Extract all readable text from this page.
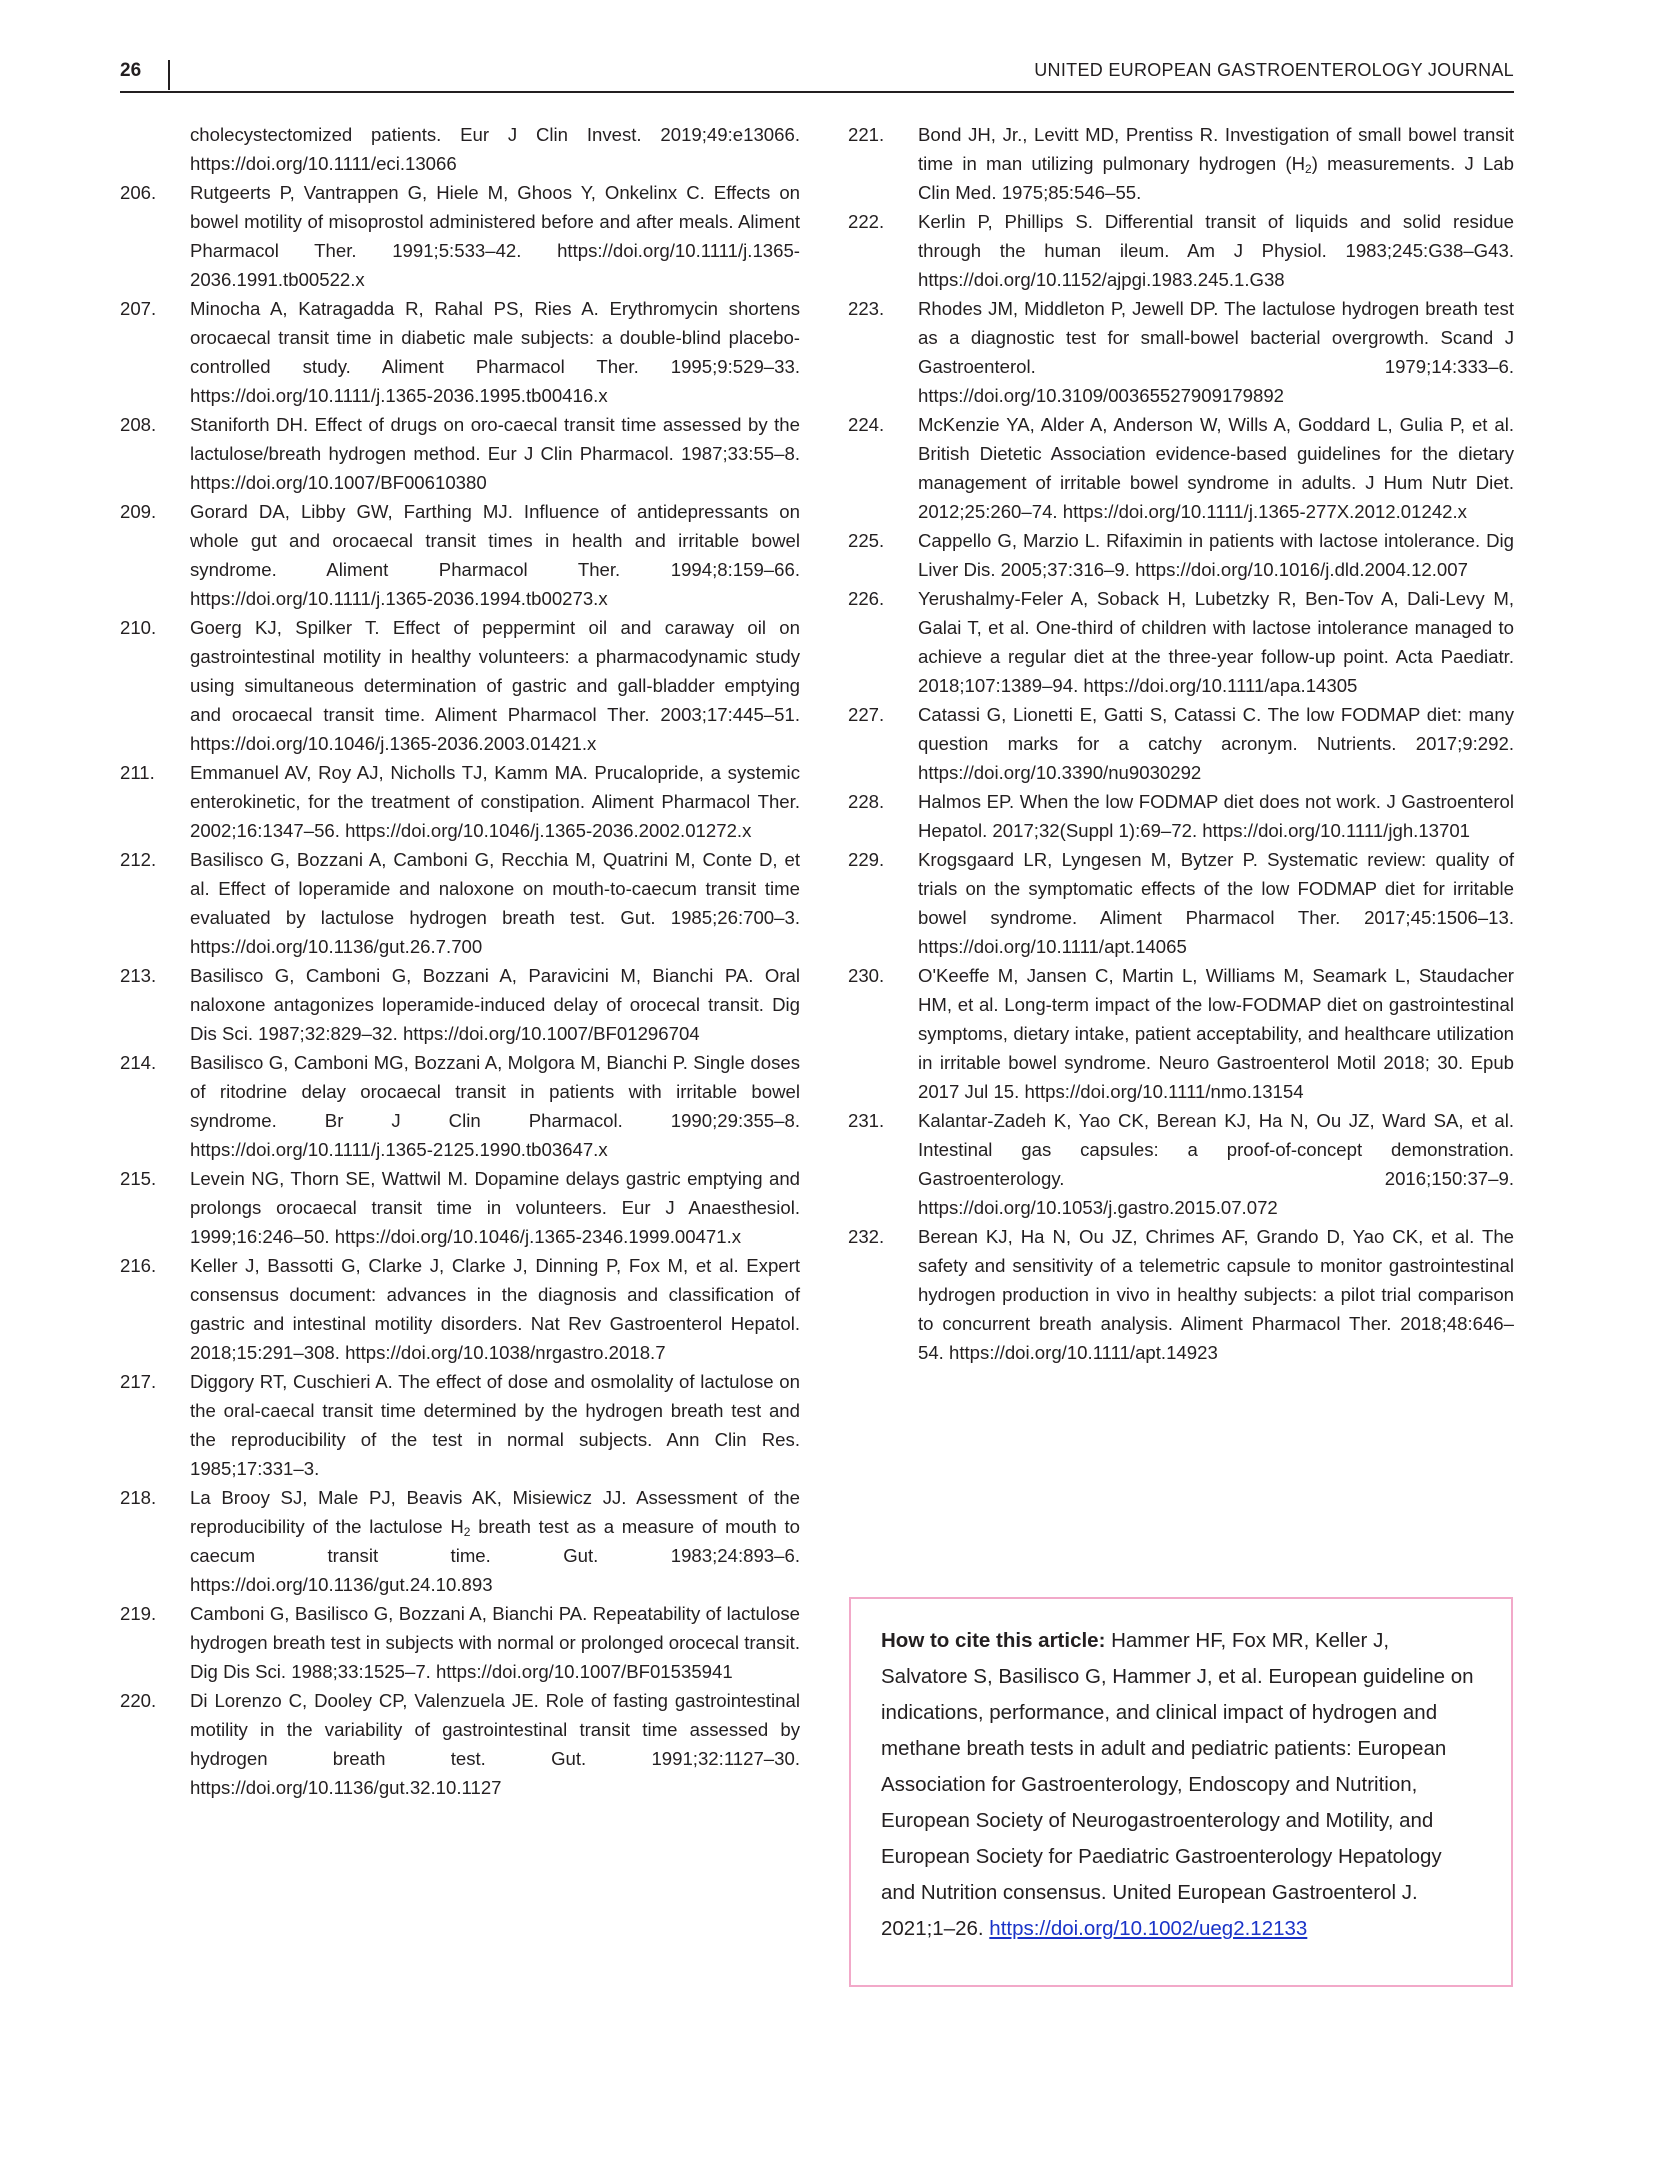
26	UNITED EUROPEAN GASTROENTEROLOGY JOURNAL
cholecystectomized patients. Eur J Clin Invest. 2019;49:e13066. https://doi.org/10.1111/eci.13066
206. Rutgeerts P, Vantrappen G, Hiele M, Ghoos Y, Onkelinx C. Effects on bowel motility of misoprostol administered before and after meals. Aliment Pharmacol Ther. 1991;5:533–42. https://doi.org/10.1111/j.1365-2036.1991.tb00522.x
207. Minocha A, Katragadda R, Rahal PS, Ries A. Erythromycin shortens orocaecal transit time in diabetic male subjects: a double-blind placebo-controlled study. Aliment Pharmacol Ther. 1995;9:529–33. https://doi.org/10.1111/j.1365-2036.1995.tb00416.x
208. Staniforth DH. Effect of drugs on oro-caecal transit time assessed by the lactulose/breath hydrogen method. Eur J Clin Pharmacol. 1987;33:55–8. https://doi.org/10.1007/BF00610380
209. Gorard DA, Libby GW, Farthing MJ. Influence of antidepressants on whole gut and orocaecal transit times in health and irritable bowel syndrome. Aliment Pharmacol Ther. 1994;8:159–66. https://doi.org/10.1111/j.1365-2036.1994.tb00273.x
210. Goerg KJ, Spilker T. Effect of peppermint oil and caraway oil on gastrointestinal motility in healthy volunteers: a pharmacodynamic study using simultaneous determination of gastric and gall-bladder emptying and orocaecal transit time. Aliment Pharmacol Ther. 2003;17:445–51. https://doi.org/10.1046/j.1365-2036.2003.01421.x
211. Emmanuel AV, Roy AJ, Nicholls TJ, Kamm MA. Prucalopride, a systemic enterokinetic, for the treatment of constipation. Aliment Pharmacol Ther. 2002;16:1347–56. https://doi.org/10.1046/j.1365-2036.2002.01272.x
212. Basilisco G, Bozzani A, Camboni G, Recchia M, Quatrini M, Conte D, et al. Effect of loperamide and naloxone on mouth-to-caecum transit time evaluated by lactulose hydrogen breath test. Gut. 1985;26:700–3. https://doi.org/10.1136/gut.26.7.700
213. Basilisco G, Camboni G, Bozzani A, Paravicini M, Bianchi PA. Oral naloxone antagonizes loperamide-induced delay of orocecal transit. Dig Dis Sci. 1987;32:829–32. https://doi.org/10.1007/BF01296704
214. Basilisco G, Camboni MG, Bozzani A, Molgora M, Bianchi P. Single doses of ritodrine delay orocaecal transit in patients with irritable bowel syndrome. Br J Clin Pharmacol. 1990;29:355–8. https://doi.org/10.1111/j.1365-2125.1990.tb03647.x
215. Levein NG, Thorn SE, Wattwil M. Dopamine delays gastric emptying and prolongs orocaecal transit time in volunteers. Eur J Anaesthesiol. 1999;16:246–50. https://doi.org/10.1046/j.1365-2346.1999.00471.x
216. Keller J, Bassotti G, Clarke J, Clarke J, Dinning P, Fox M, et al. Expert consensus document: advances in the diagnosis and classification of gastric and intestinal motility disorders. Nat Rev Gastroenterol Hepatol. 2018;15:291–308. https://doi.org/10.1038/nrgastro.2018.7
217. Diggory RT, Cuschieri A. The effect of dose and osmolality of lactulose on the oral-caecal transit time determined by the hydrogen breath test and the reproducibility of the test in normal subjects. Ann Clin Res. 1985;17:331–3.
218. La Brooy SJ, Male PJ, Beavis AK, Misiewicz JJ. Assessment of the reproducibility of the lactulose $H_2$ breath test as a measure of mouth to caecum transit time. Gut. 1983;24:893–6. https://doi.org/10.1136/gut.24.10.893
219. Camboni G, Basilisco G, Bozzani A, Bianchi PA. Repeatability of lactulose hydrogen breath test in subjects with normal or prolonged orocecal transit. Dig Dis Sci. 1988;33:1525–7. https://doi.org/10.1007/BF01535941
220. Di Lorenzo C, Dooley CP, Valenzuela JE. Role of fasting gastrointestinal motility in the variability of gastrointestinal transit time assessed by hydrogen breath test. Gut. 1991;32:1127–30. https://doi.org/10.1136/gut.32.10.1127
221. Bond JH, Jr., Levitt MD, Prentiss R. Investigation of small bowel transit time in man utilizing pulmonary hydrogen $(H_2)$ measurements. J Lab Clin Med. 1975;85:546–55.
222. Kerlin P, Phillips S. Differential transit of liquids and solid residue through the human ileum. Am J Physiol. 1983;245:G38–G43. https://doi.org/10.1152/ajpgi.1983.245.1.G38
223. Rhodes JM, Middleton P, Jewell DP. The lactulose hydrogen breath test as a diagnostic test for small-bowel bacterial overgrowth. Scand J Gastroenterol. 1979;14:333–6. https://doi.org/10.3109/00365527909179892
224. McKenzie YA, Alder A, Anderson W, Wills A, Goddard L, Gulia P, et al. British Dietetic Association evidence-based guidelines for the dietary management of irritable bowel syndrome in adults. J Hum Nutr Diet. 2012;25:260–74. https://doi.org/10.1111/j.1365-277X.2012.01242.x
225. Cappello G, Marzio L. Rifaximin in patients with lactose intolerance. Dig Liver Dis. 2005;37:316–9. https://doi.org/10.1016/j.dld.2004.12.007
226. Yerushalmy-Feler A, Soback H, Lubetzky R, Ben-Tov A, Dali-Levy M, Galai T, et al. One-third of children with lactose intolerance managed to achieve a regular diet at the three-year follow-up point. Acta Paediatr. 2018;107:1389–94. https://doi.org/10.1111/apa.14305
227. Catassi G, Lionetti E, Gatti S, Catassi C. The low FODMAP diet: many question marks for a catchy acronym. Nutrients. 2017;9:292. https://doi.org/10.3390/nu9030292
228. Halmos EP. When the low FODMAP diet does not work. J Gastroenterol Hepatol. 2017;32(Suppl 1):69–72. https://doi.org/10.1111/jgh.13701
229. Krogsgaard LR, Lyngesen M, Bytzer P. Systematic review: quality of trials on the symptomatic effects of the low FODMAP diet for irritable bowel syndrome. Aliment Pharmacol Ther. 2017;45:1506–13. https://doi.org/10.1111/apt.14065
230. O'Keeffe M, Jansen C, Martin L, Williams M, Seamark L, Staudacher HM, et al. Long-term impact of the low-FODMAP diet on gastrointestinal symptoms, dietary intake, patient acceptability, and healthcare utilization in irritable bowel syndrome. Neuro Gastroenterol Motil 2018; 30. Epub 2017 Jul 15. https://doi.org/10.1111/nmo.13154
231. Kalantar-Zadeh K, Yao CK, Berean KJ, Ha N, Ou JZ, Ward SA, et al. Intestinal gas capsules: a proof-of-concept demonstration. Gastroenterology. 2016;150:37–9. https://doi.org/10.1053/j.gastro.2015.07.072
232. Berean KJ, Ha N, Ou JZ, Chrimes AF, Grando D, Yao CK, et al. The safety and sensitivity of a telemetric capsule to monitor gastrointestinal hydrogen production in vivo in healthy subjects: a pilot trial comparison to concurrent breath analysis. Aliment Pharmacol Ther. 2018;48:646–54. https://doi.org/10.1111/apt.14923
How to cite this article: Hammer HF, Fox MR, Keller J, Salvatore S, Basilisco G, Hammer J, et al. European guideline on indications, performance, and clinical impact of hydrogen and methane breath tests in adult and pediatric patients: European Association for Gastroenterology, Endoscopy and Nutrition, European Society of Neurogastroenterology and Motility, and European Society for Paediatric Gastroenterology Hepatology and Nutrition consensus. United European Gastroenterol J. 2021;1–26. https://doi.org/10.1002/ueg2.12133
